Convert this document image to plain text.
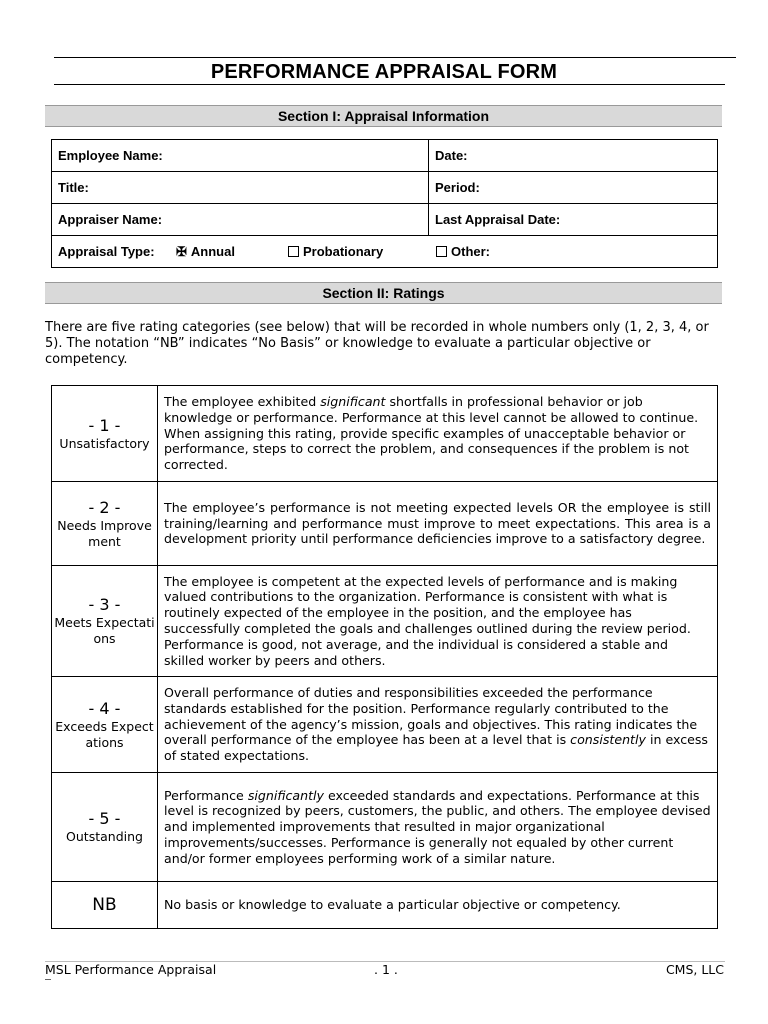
PERFORMANCE APPRAISAL FORM
Section I: Appraisal Information
Employee Name:	Date:
Title:	Period:
Appraiser Name:	Last Appraisal Date:

Appraisal Type: ✠ Annual Probationary Other:	
Section II: Ratings
There are five rating categories (see below) that will be recorded in whole numbers only (1, 2, 3, 4, or 5). The notation “NB” indicates “No Basis” or knowledge to evaluate a particular objective or competency.
- 1 -
Unsatisfactory	The employee exhibited significant shortfalls in professional behavior or job knowledge or performance. Performance at this level cannot be allowed to continue. When assigning this rating, provide specific examples of unacceptable behavior or performance, steps to correct the problem, and consequences if the problem is not corrected.

- 2 -
Needs Improvement	The employee’s performance is not meeting expected levels OR the employee is still training/learning and performance must improve to meet expectations. This area is a development priority until performance deficiencies improve to a satisfactory degree.

- 3 -
Meets Expectations	The employee is competent at the expected levels of performance and is making valued contributions to the organization. Performance is consistent with what is routinely expected of the employee in the position, and the employee has successfully completed the goals and challenges outlined during the review period. Performance is good, not average, and the individual is considered a stable and skilled worker by peers and others.

- 4 -
Exceeds Expectations	Overall performance of duties and responsibilities exceeded the performance standards established for the position. Performance regularly contributed to the achievement of the agency’s mission, goals and objectives. This rating indicates the overall performance of the employee has been at a level that is consistently in excess of stated expectations.

- 5 -
Outstanding	Performance significantly exceeded standards and expectations. Performance at this level is recognized by peers, customers, the public, and others. The employee devised and implemented improvements that resulted in major organizational improvements/successes. Performance is generally not equaled by other current and/or former employees performing work of a similar nature.

NB	No basis or knowledge to evaluate a particular objective or competency.
MSL Performance Appraisal	. 1 .	CMS, LLC
